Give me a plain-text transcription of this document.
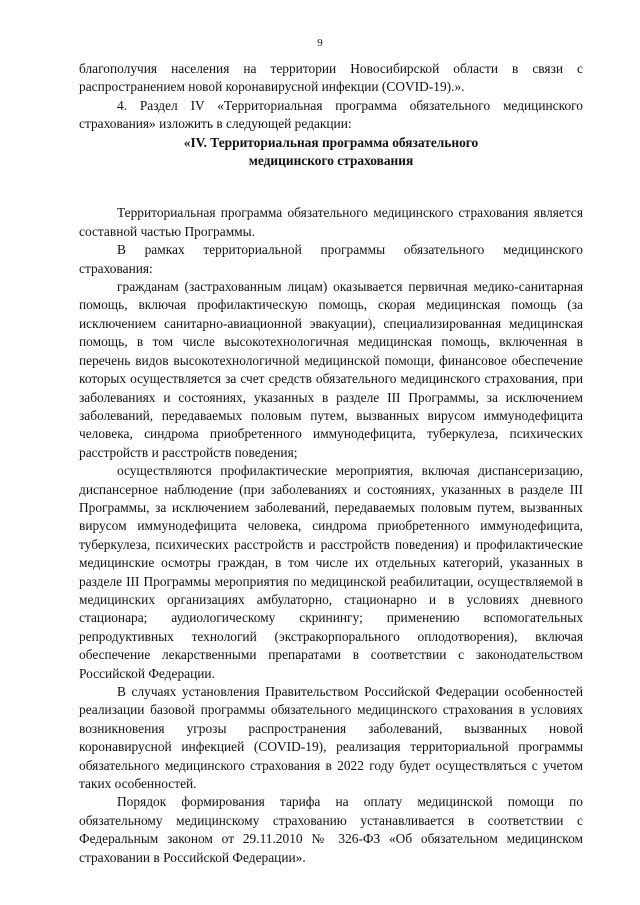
9

благополучия населения на территории Новосибирской области в связи с распространением новой коронавирусной инфекции (COVID-19).».

4. Раздел IV «Территориальная программа обязательного медицинского страхования» изложить в следующей редакции:

«IV. Территориальная программа обязательного
медицинского страхования

Территориальная программа обязательного медицинского страхования является составной частью Программы.

В рамках территориальной программы обязательного медицинского страхования:

гражданам (застрахованным лицам) оказывается первичная медико-санитарная помощь, включая профилактическую помощь, скорая медицинская помощь (за исключением санитарно-авиационной эвакуации), специализированная медицинская помощь, в том числе высокотехнологичная медицинская помощь, включенная в перечень видов высокотехнологичной медицинской помощи, финансовое обеспечение которых осуществляется за счет средств обязательного медицинского страхования, при заболеваниях и состояниях, указанных в разделе III Программы, за исключением заболеваний, передаваемых половым путем, вызванных вирусом иммунодефицита человека, синдрома приобретенного иммунодефицита, туберкулеза, психических расстройств и расстройств поведения;

осуществляются профилактические мероприятия, включая диспансеризацию, диспансерное наблюдение (при заболеваниях и состояниях, указанных в разделе III Программы, за исключением заболеваний, передаваемых половым путем, вызванных вирусом иммунодефицита человека, синдрома приобретенного иммунодефицита, туберкулеза, психических расстройств и расстройств поведения) и профилактические медицинские осмотры граждан, в том числе их отдельных категорий, указанных в разделе III Программы мероприятия по медицинской реабилитации, осуществляемой в медицинских организациях амбулаторно, стационарно и в условиях дневного стационара; аудиологическому скринингу; применению вспомогательных репродуктивных технологий (экстракорпорального оплодотворения), включая обеспечение лекарственными препаратами в соответствии с законодательством Российской Федерации.

В случаях установления Правительством Российской Федерации особенностей реализации базовой программы обязательного медицинского страхования в условиях возникновения угрозы распространения заболеваний, вызванных новой коронавирусной инфекцией (COVID-19), реализация территориальной программы обязательного медицинского страхования в 2022 году будет осуществляться с учетом таких особенностей.

Порядок формирования тарифа на оплату медицинской помощи по обязательному медицинскому страхованию устанавливается в соответствии с Федеральным законом от 29.11.2010 № 326-ФЗ «Об обязательном медицинском страховании в Российской Федерации».
